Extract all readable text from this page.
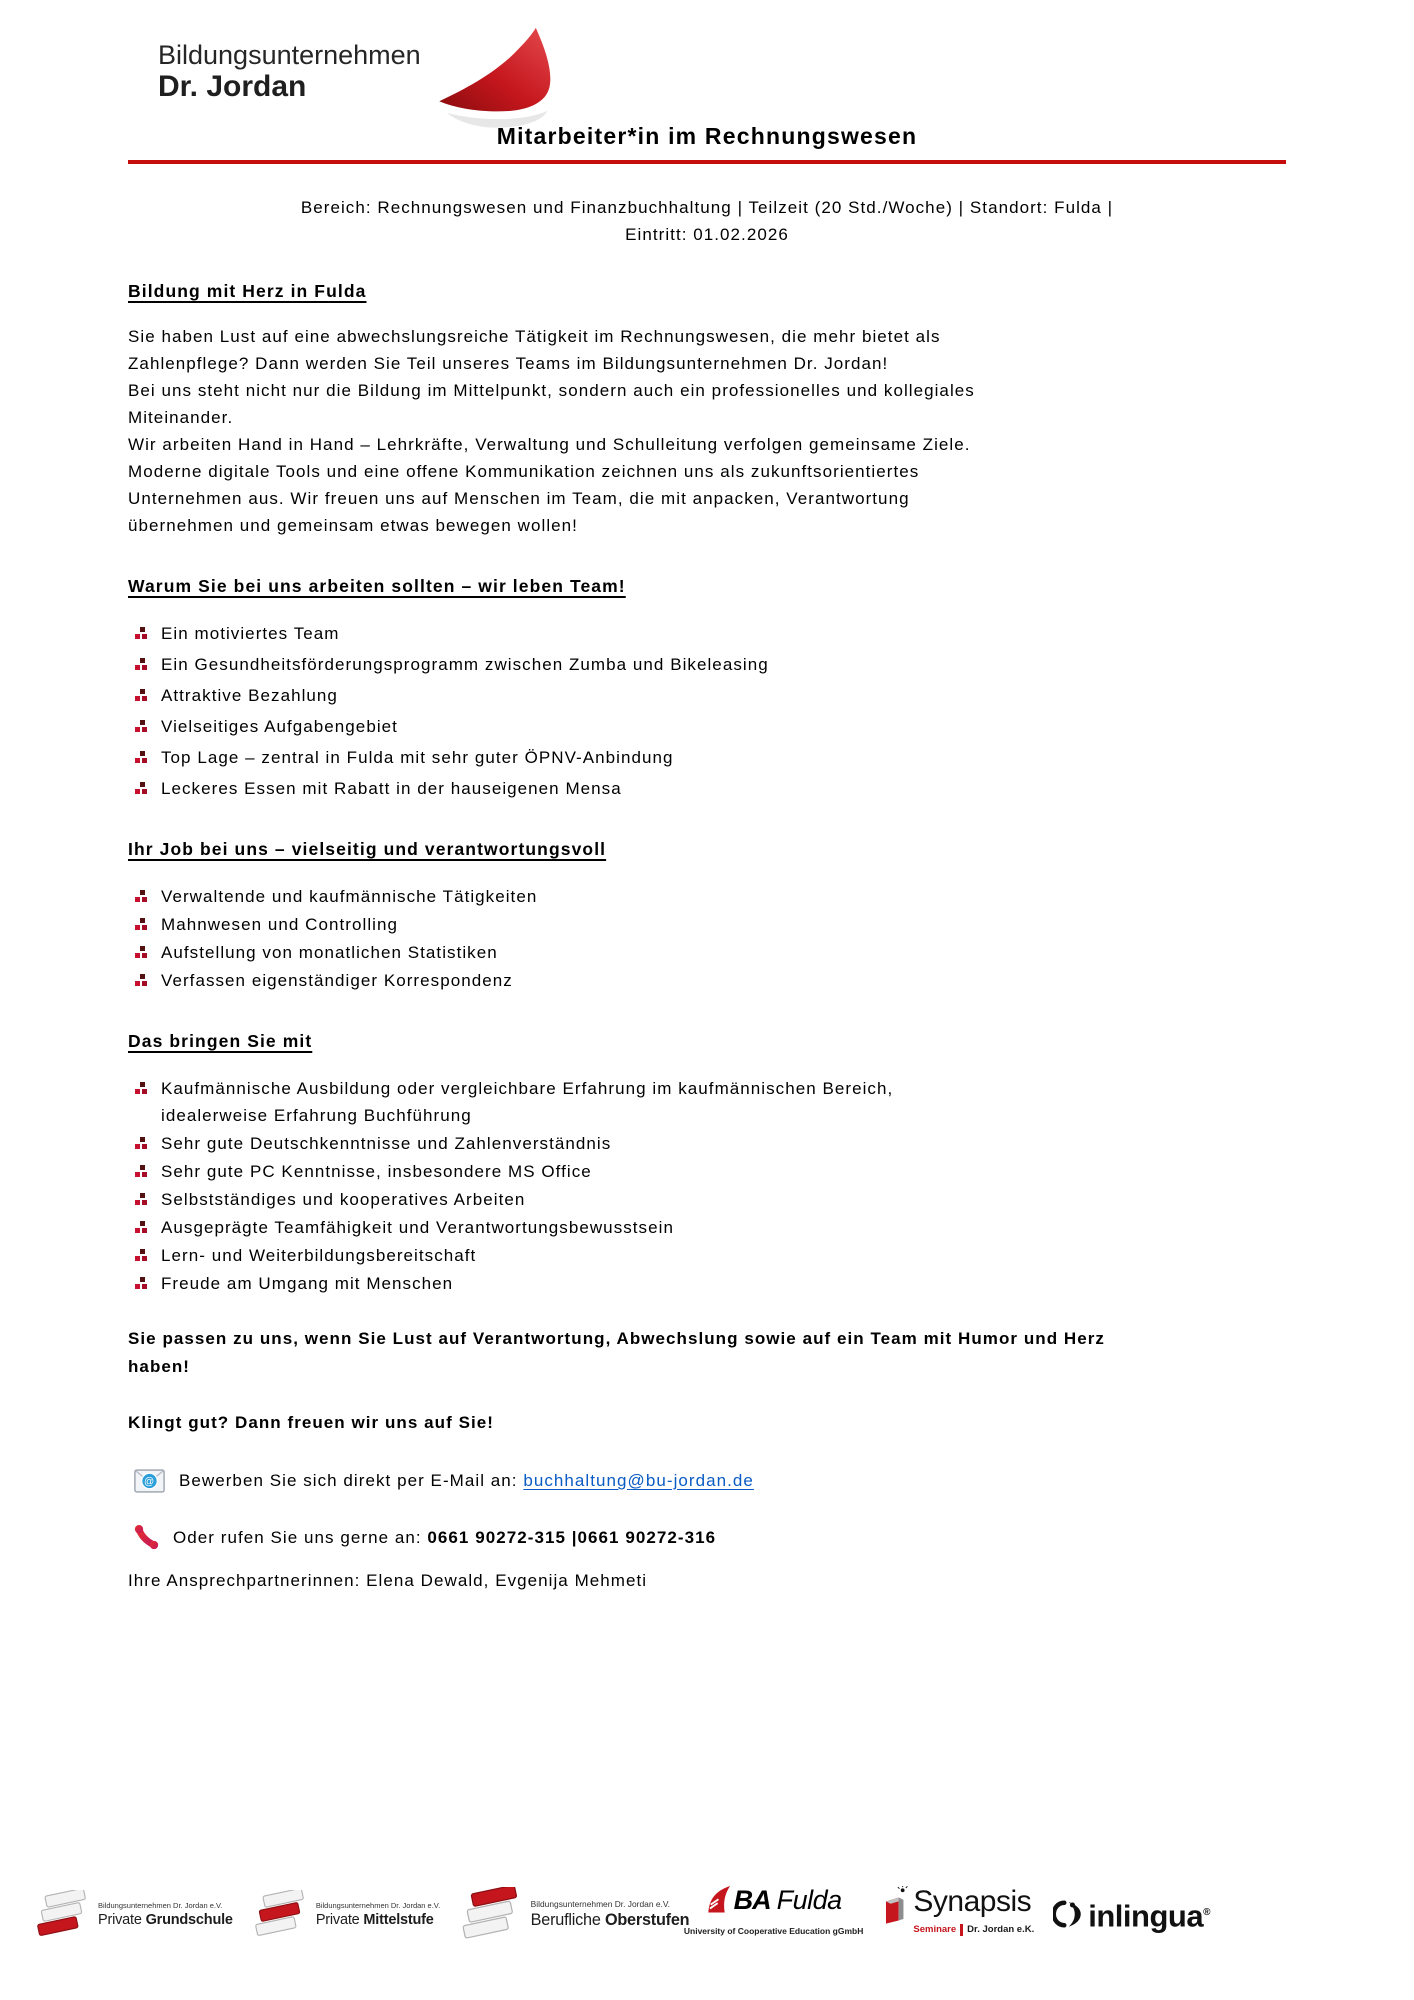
Bildungsunternehmen
Dr. Jordan
Mitarbeiter*in im Rechnungswesen
Bereich: Rechnungswesen und Finanzbuchhaltung | Teilzeit (20 Std./Woche) | Standort: Fulda |
Eintritt: 01.02.2026
Bildung mit Herz in Fulda
Sie haben Lust auf eine abwechslungsreiche Tätigkeit im Rechnungswesen, die mehr bietet als
Zahlenpflege? Dann werden Sie Teil unseres Teams im Bildungsunternehmen Dr. Jordan!
Bei uns steht nicht nur die Bildung im Mittelpunkt, sondern auch ein professionelles und kollegiales
Miteinander.
Wir arbeiten Hand in Hand – Lehrkräfte, Verwaltung und Schulleitung verfolgen gemeinsame Ziele.
Moderne digitale Tools und eine offene Kommunikation zeichnen uns als zukunftsorientiertes
Unternehmen aus. Wir freuen uns auf Menschen im Team, die mit anpacken, Verantwortung
übernehmen und gemeinsam etwas bewegen wollen!
Warum Sie bei uns arbeiten sollten – wir leben Team!
Ein motiviertes Team
Ein Gesundheitsförderungsprogramm zwischen Zumba und Bikeleasing
Attraktive Bezahlung
Vielseitiges Aufgabengebiet
Top Lage – zentral in Fulda mit sehr guter ÖPNV-Anbindung
Leckeres Essen mit Rabatt in der hauseigenen Mensa
Ihr Job bei uns – vielseitig und verantwortungsvoll
Verwaltende und kaufmännische Tätigkeiten
Mahnwesen und Controlling
Aufstellung von monatlichen Statistiken
Verfassen eigenständiger Korrespondenz
Das bringen Sie mit
Kaufmännische Ausbildung oder vergleichbare Erfahrung im kaufmännischen Bereich, idealerweise Erfahrung Buchführung
Sehr gute Deutschkenntnisse und Zahlenverständnis
Sehr gute PC Kenntnisse, insbesondere MS Office
Selbstständiges und kooperatives Arbeiten
Ausgeprägte Teamfähigkeit und Verantwortungsbewusstsein
Lern- und Weiterbildungsbereitschaft
Freude am Umgang mit Menschen

Sie passen zu uns, wenn Sie Lust auf Verantwortung, Abwechslung sowie auf ein Team mit Humor und Herz haben!

Klingt gut? Dann freuen wir uns auf Sie!

@ Bewerben Sie sich direkt per E-Mail an: buchhaltung@bu-jordan.de
Oder rufen Sie uns gerne an: 0661 90272-315 |0661 90272-316

Ihre Ansprechpartnerinnen: Elena Dewald, Evgenija Mehmeti

Bildungsunternehmen Dr. Jordan e.V.
Private Grundschule
Bildungsunternehmen Dr. Jordan e.V.
Private Mittelstufe
Bildungsunternehmen Dr. Jordan e.V.
Berufliche Oberstufen
BA Fulda
University of Cooperative Education gGmbH
Synapsis
Seminare Dr. Jordan e.K. inlingua®
